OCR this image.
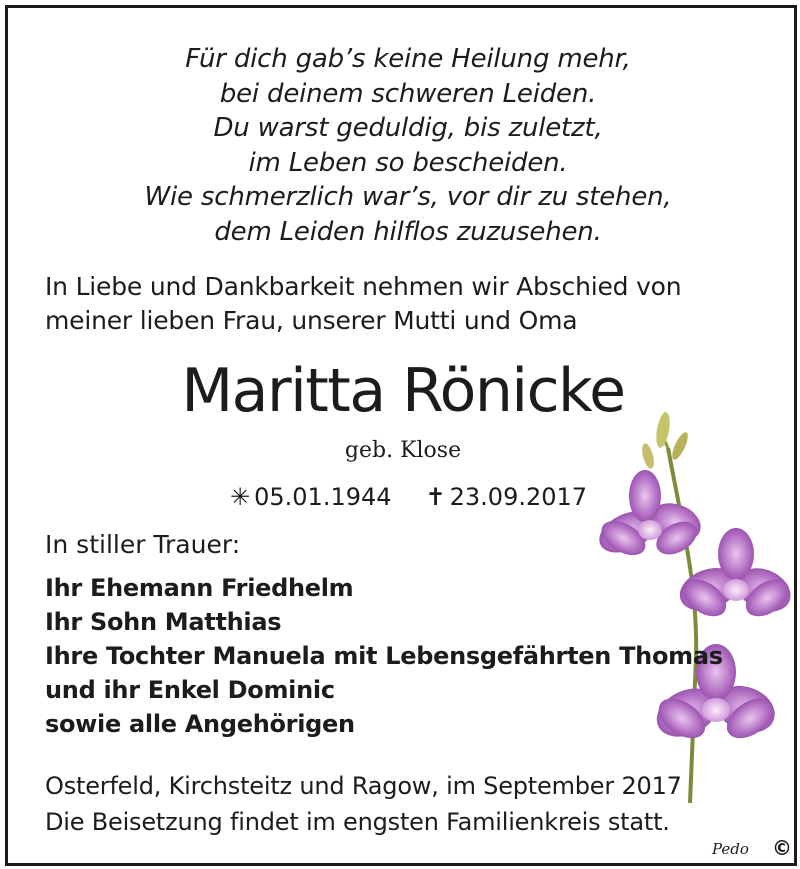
Für dich gab’s keine Heilung mehr,
bei deinem schweren Leiden.
Du warst geduldig, bis zuletzt,
im Leben so bescheiden.
Wie schmerzlich war’s, vor dir zu stehen,
dem Leiden hilflos zuzusehen.
In Liebe und Dankbarkeit nehmen wir Abschied von
meiner lieben Frau, unserer Mutti und Oma
Maritta Rönicke
geb. Klose
✳ 05.01.1944 ✝ 23.09.2017
In stiller Trauer:
Ihr Ehemann Friedhelm
Ihr Sohn Matthias
Ihre Tochter Manuela mit Lebensgefährten Thomas
und ihr Enkel Dominic
sowie alle Angehörigen
Osterfeld, Kirchsteitz und Ragow, im September 2017
Die Beisetzung findet im engsten Familienkreis statt.
Pedo ©
